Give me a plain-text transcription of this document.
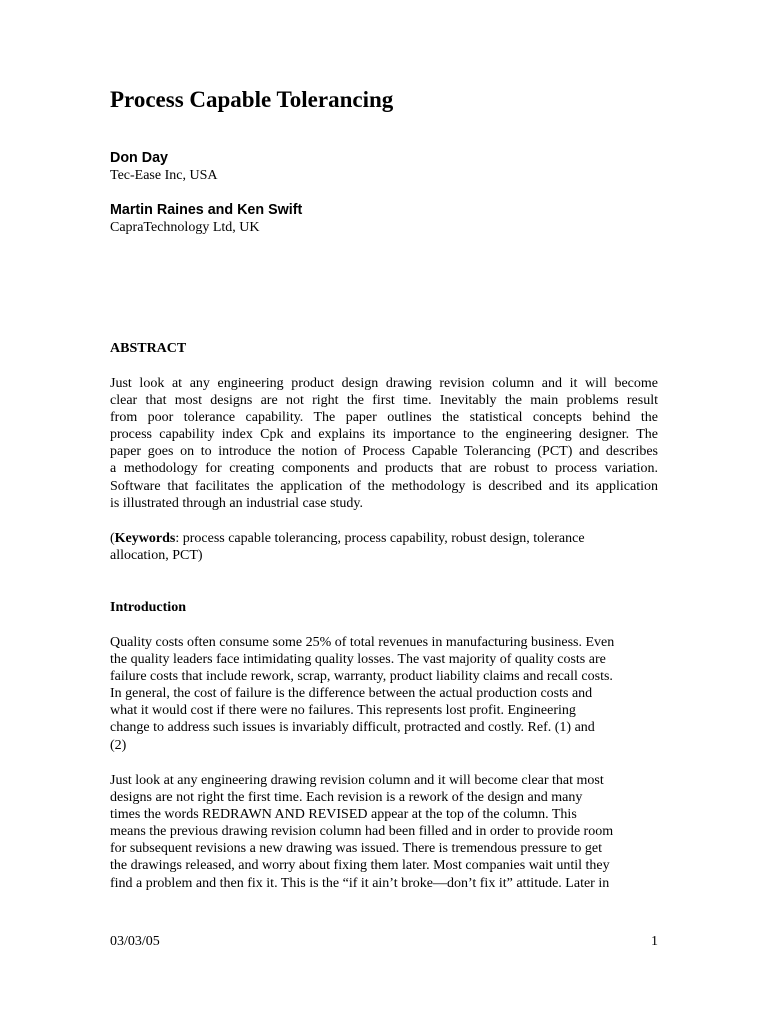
Process Capable Tolerancing

Don Day

Tec-Ease Inc, USA

Martin Raines and Ken Swift

CapraTechnology Ltd, UK

ABSTRACT

Just look at any engineering product design drawing revision column and it will become
clear that most designs are not right the first time. Inevitably the main problems result
from poor tolerance capability. The paper outlines the statistical concepts behind the
process capability index Cpk and explains its importance to the engineering designer. The
paper goes on to introduce the notion of Process Capable Tolerancing (PCT) and describes
a methodology for creating components and products that are robust to process variation.
Software that facilitates the application of the methodology is described and its application
is illustrated through an industrial case study.

(Keywords: process capable tolerancing, process capability, robust design, tolerance
allocation, PCT)

Introduction

Quality costs often consume some 25% of total revenues in manufacturing business. Even
the quality leaders face intimidating quality losses. The vast majority of quality costs are
failure costs that include rework, scrap, warranty, product liability claims and recall costs.
In general, the cost of failure is the difference between the actual production costs and
what it would cost if there were no failures. This represents lost profit. Engineering
change to address such issues is invariably difficult, protracted and costly. Ref. (1) and
(2)

Just look at any engineering drawing revision column and it will become clear that most
designs are not right the first time. Each revision is a rework of the design and many
times the words REDRAWN AND REVISED appear at the top of the column. This
means the previous drawing revision column had been filled and in order to provide room
for subsequent revisions a new drawing was issued. There is tremendous pressure to get
the drawings released, and worry about fixing them later. Most companies wait until they
find a problem and then fix it. This is the “if it ain’t broke—don’t fix it” attitude. Later in

03/03/05	1
